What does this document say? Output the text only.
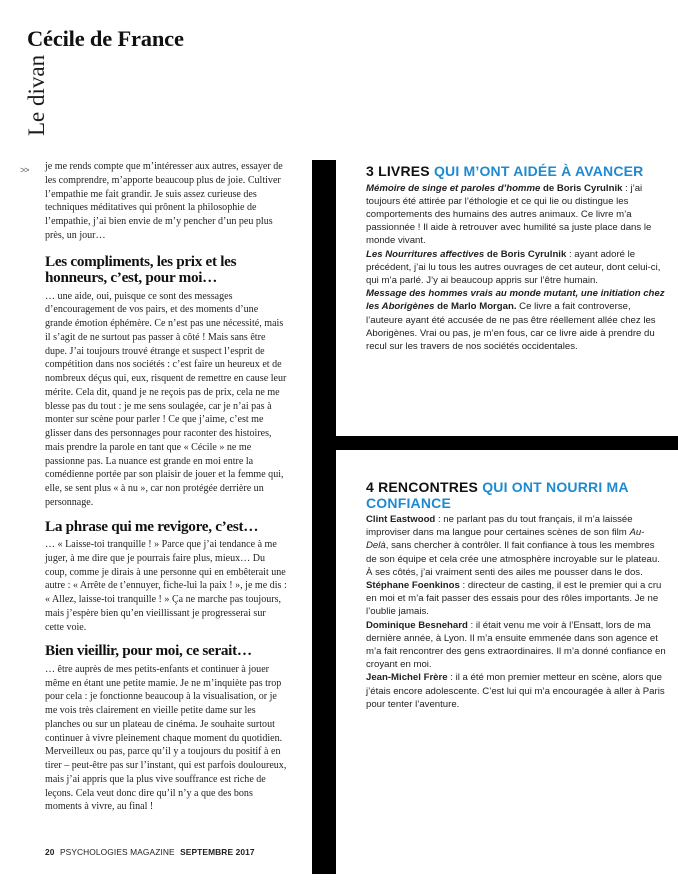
Cécile de France
Le divan
>> je me rends compte que m’intéresser aux autres, essayer de les comprendre, m’apporte beaucoup plus de joie. Cultiver l’empathie me fait grandir. Je suis assez curieuse des techniques méditatives qui prônent la philosophie de l’empathie, j’ai bien envie de m’y pencher d’un peu plus près, un jour…

Les compliments, les prix et les honneurs, c’est, pour moi…

… une aide, oui, puisque ce sont des messages d’encouragement de vos pairs, et des moments d’une grande émotion éphémère. Ce n’est pas une nécessité, mais il s’agit de ne surtout pas passer à côté ! Mais sans être dupe. J’ai toujours trouvé étrange et suspect l’esprit de compétition dans nos sociétés : c’est faire un heureux et de nombreux déçus qui, eux, risquent de remettre en cause leur mérite. Cela dit, quand je ne reçois pas de prix, cela ne me blesse pas du tout : je me sens soulagée, car je n’ai pas à monter sur scène pour parler ! Ce que j’aime, c’est me glisser dans des personnages pour raconter des histoires, mais prendre la parole en tant que « Cécile » ne me passionne pas. La nuance est grande en moi entre la comédienne portée par son plaisir de jouer et la femme qui, elle, se sent plus « à nu », car non protégée derrière un personnage.

La phrase qui me revigore, c’est…

… « Laisse-toi tranquille ! » Parce que j’ai tendance à me juger, à me dire que je pourrais faire plus, mieux… Du coup, comme je dirais à une personne qui en embêterait une autre : « Arrête de t’ennuyer, fiche-lui la paix ! », je me dis : « Allez, laisse-toi tranquille ! » Ça ne marche pas toujours, mais j’espère bien qu’en vieillissant je progresserai sur cette voie.

Bien vieillir, pour moi, ce serait…

… être auprès de mes petits-enfants et continuer à jouer même en étant une petite mamie. Je ne m’inquiète pas trop pour cela : je fonctionne beaucoup à la visualisation, or je me vois très clairement en vieille petite dame sur les planches ou sur un plateau de cinéma. Je souhaite surtout continuer à vivre pleinement chaque moment du quotidien. Merveilleux ou pas, parce qu’il y a toujours du positif à en tirer – peut-être pas sur l’instant, qui est parfois douloureux, mais j’ai appris que la plus vive souffrance est riche de leçons. Cela veut donc dire qu’il n’y a que des bons moments à vivre, au final !

3 LIVRES QUI M’ONT AIDÉE À AVANCER

Mémoire de singe et paroles d’homme de Boris Cyrulnik : j’ai toujours été attirée par l’éthologie et ce qui lie ou distingue les comportements des humains des autres animaux. Ce livre m’a passionnée ! Il aide à retrouver avec humilité sa juste place dans le monde vivant.

Les Nourritures affectives de Boris Cyrulnik : ayant adoré le précédent, j’ai lu tous les autres ouvrages de cet auteur, dont celui-ci, qui m’a parlé. J’y ai beaucoup appris sur l’être humain.

Message des hommes vrais au monde mutant, une initiation chez les Aborigènes de Marlo Morgan. Ce livre a fait controverse, l’auteure ayant été accusée de ne pas être réellement allée chez les Aborigènes. Vrai ou pas, je m’en fous, car ce livre aide à prendre du recul sur les travers de nos sociétés occidentales.

4 RENCONTRES QUI ONT NOURRI MA CONFIANCE

Clint Eastwood : ne parlant pas du tout français, il m’a laissée improviser dans ma langue pour certaines scènes de son film Au-Delà, sans chercher à contrôler. Il fait confiance à tous les membres de son équipe et cela crée une atmosphère incroyable sur le plateau. À ses côtés, j’ai vraiment senti des ailes me pousser dans le dos.

Stéphane Foenkinos : directeur de casting, il est le premier qui a cru en moi et m’a fait passer des essais pour des rôles importants. Je ne l’oublie jamais.

Dominique Besnehard : il était venu me voir à l’Ensatt, lors de ma dernière année, à Lyon. Il m’a ensuite emmenée dans son agence et m’a fait rencontrer des gens extraordinaires. Il m’a donné confiance en croyant en moi.

Jean-Michel Frère : il a été mon premier metteur en scène, alors que j’étais encore adolescente. C’est lui qui m’a encouragée à aller à Paris pour tenter l’aventure.

20 PSYCHOLOGIES MAGAZINE SEPTEMBRE 2017
